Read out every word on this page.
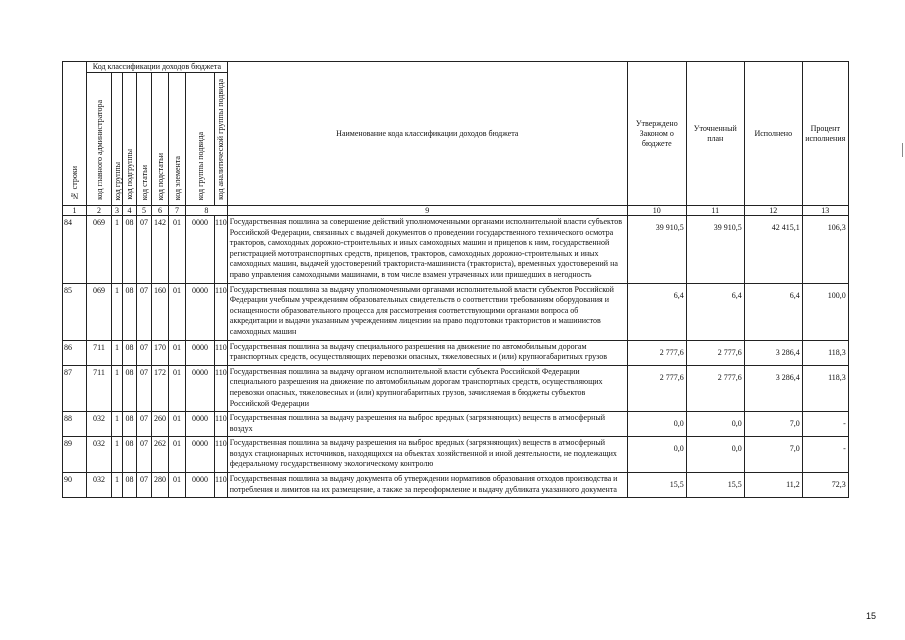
№ строки	Код классификации доходов бюджета								Наименование кода классификации доходов бюджета	Утверждено Законом о бюджете	Уточненный план	Исполнено	Процент исполнения
	код главного администратора	код группы	код подгруппы	код статьи	код подстатьи	код элемента	код группы подвида	код аналитической группы подвида					
1	2	3	4	5	6	7	8		9	10	11	12	13
84	069	1	08	07	142	01	0000	110	Государственная пошлина за совершение действий уполномоченными органами исполнительной власти субъектов Российской Федерации, связанных с выдачей документов о проведении государственного технического осмотра тракторов, самоходных дорожно-строительных и иных самоходных машин и прицепов к ним, государственной регистрацией мототранспортных средств, прицепов, тракторов, самоходных дорожно-строительных и иных самоходных машин, выдачей удостоверений тракториста-машиниста (тракториста), временных удостоверений на право управления самоходными машинами, в том числе взамен утраченных или пришедших в негодность	39 910,5	39 910,5	42 415,1	106,3
85	069	1	08	07	160	01	0000	110	Государственная пошлина за выдачу уполномоченными органами исполнительной власти субъектов Российской Федерации учебным учреждениям образовательных свидетельств о соответствии требованиям оборудования и оснащенности образовательного процесса для рассмотрения соответствующими органами вопроса об аккредитации и выдачи указанным учреждениям лицензии на право подготовки трактористов и машинистов самоходных машин	6,4	6,4	6,4	100,0
86	711	1	08	07	170	01	0000	110	Государственная пошлина за выдачу специального разрешения на движение по автомобильным дорогам транспортных средств, осуществляющих перевозки опасных, тяжеловесных и (или) крупногабаритных грузов	2 777,6	2 777,6	3 286,4	118,3
87	711	1	08	07	172	01	0000	110	Государственная пошлина за выдачу органом исполнительной власти субъекта Российской Федерации специального разрешения на движение по автомобильным дорогам транспортных средств, осуществляющих перевозки опасных, тяжеловесных и (или) крупногабаритных грузов, зачисляемая в бюджеты субъектов Российской Федерации	2 777,6	2 777,6	3 286,4	118,3
88	032	1	08	07	260	01	0000	110	Государственная пошлина за выдачу разрешения на выброс вредных (загрязняющих) веществ в атмосферный воздух	0,0	0,0	7,0	-
89	032	1	08	07	262	01	0000	110	Государственная пошлина за выдачу разрешения на выброс вредных (загрязняющих) веществ в атмосферный воздух стационарных источников, находящихся на объектах хозяйственной и иной деятельности, не подлежащих федеральному государственному экологическому контролю	0,0	0,0	7,0	-
90	032	1	08	07	280	01	0000	110	Государственная пошлина за выдачу документа об утверждении нормативов образования отходов производства и потребления и лимитов на их размещение, а также за переоформление и выдачу дубликата указанного документа	15,5	15,5	11,2	72,3
15
